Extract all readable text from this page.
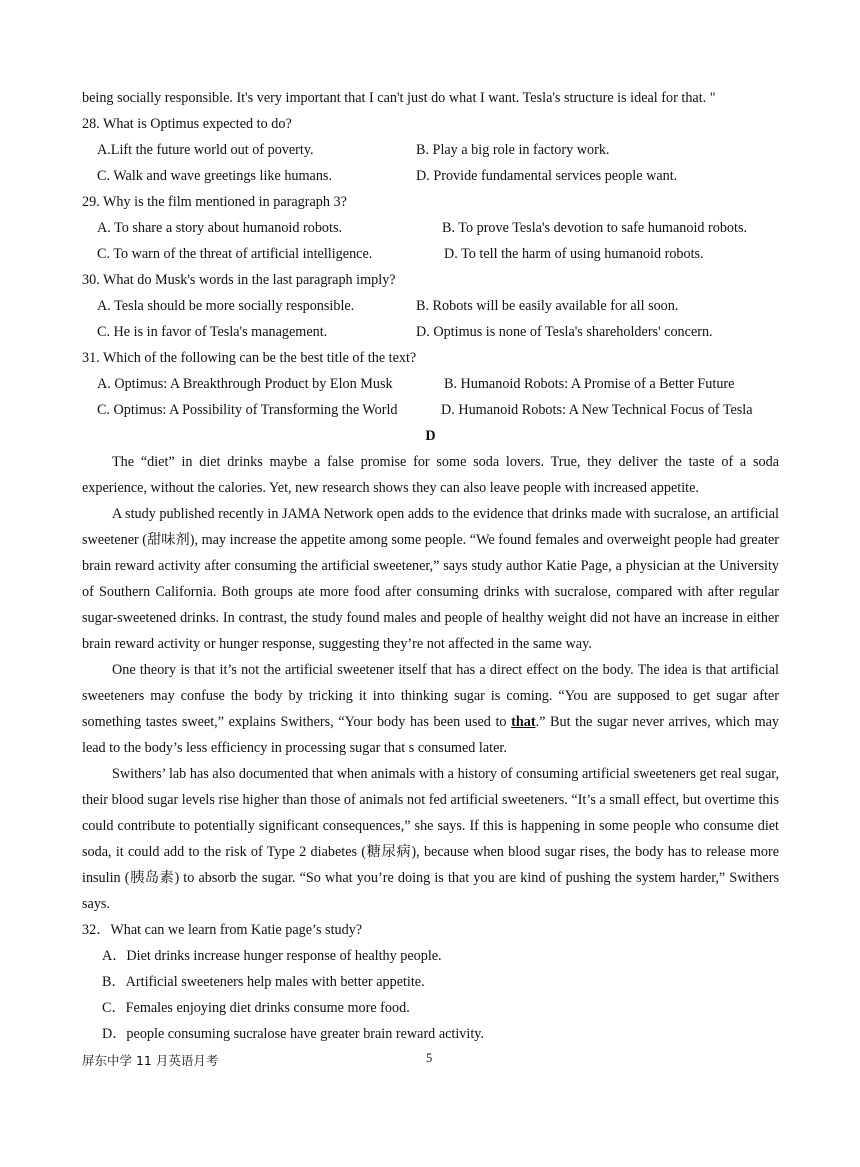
being socially responsible. It's very important that I can't just do what I want. Tesla's structure is ideal for that. "
28. What is Optimus expected to do?
A.Lift the future world out of poverty.	B. Play a big role in factory work.
C. Walk and wave greetings like humans.	D. Provide fundamental services people want.
29. Why is the film mentioned in paragraph 3?
A. To share a story about humanoid robots.	B. To prove Tesla's devotion to safe humanoid robots.
C. To warn of the threat of artificial intelligence.	D. To tell the harm of using humanoid robots.
30. What do Musk's words in the last paragraph imply?
A. Tesla should be more socially responsible.	B. Robots will be easily available for all soon.
C. He is in favor of Tesla's management.	D. Optimus is none of Tesla's shareholders' concern.
31. Which of the following can be the best title of the text?
A. Optimus: A Breakthrough Product by Elon Musk	B. Humanoid Robots: A Promise of a Better Future
C. Optimus: A Possibility of Transforming the World	D. Humanoid Robots: A New Technical Focus of Tesla
D

The “diet” in diet drinks maybe a false promise for some soda lovers. True, they deliver the taste of a soda experience, without the calories. Yet, new research shows they can also leave people with increased appetite.

A study published recently in JAMA Network open adds to the evidence that drinks made with sucralose, an artificial sweetener (甜味剂), may increase the appetite among some people. “We found females and overweight people had greater brain reward activity after consuming the artificial sweetener,” says study author Katie Page, a physician at the University of Southern California. Both groups ate more food after consuming drinks with sucralose, compared with after regular sugar-sweetened drinks. In contrast, the study found males and people of healthy weight did not have an increase in either brain reward activity or hunger response, suggesting they’re not affected in the same way.

One theory is that it’s not the artificial sweetener itself that has a direct effect on the body. The idea is that artificial sweeteners may confuse the body by tricking it into thinking sugar is coming. “You are supposed to get sugar after something tastes sweet,” explains Swithers, “Your body has been used to that.” But the sugar never arrives, which may lead to the body’s less efficiency in processing sugar that s consumed later.

Swithers’ lab has also documented that when animals with a history of consuming artificial sweeteners get real sugar, their blood sugar levels rise higher than those of animals not fed artificial sweeteners. “It’s a small effect, but overtime this could contribute to potentially significant consequences,” she says. If this is happening in some people who consume diet soda, it could add to the risk of Type 2 diabetes (糖尿病), because when blood sugar rises, the body has to release more insulin (胰岛素) to absorb the sugar. “So what you’re doing is that you are kind of pushing the system harder,” Swithers says.

32．What can we learn from Katie page’s study?
A．Diet drinks increase hunger response of healthy people.
B．Artificial sweeteners help males with better appetite.
C．Females enjoying diet drinks consume more food.
D．people consuming sucralose have greater brain reward activity.
屏东中学 11 月英语月考	5
